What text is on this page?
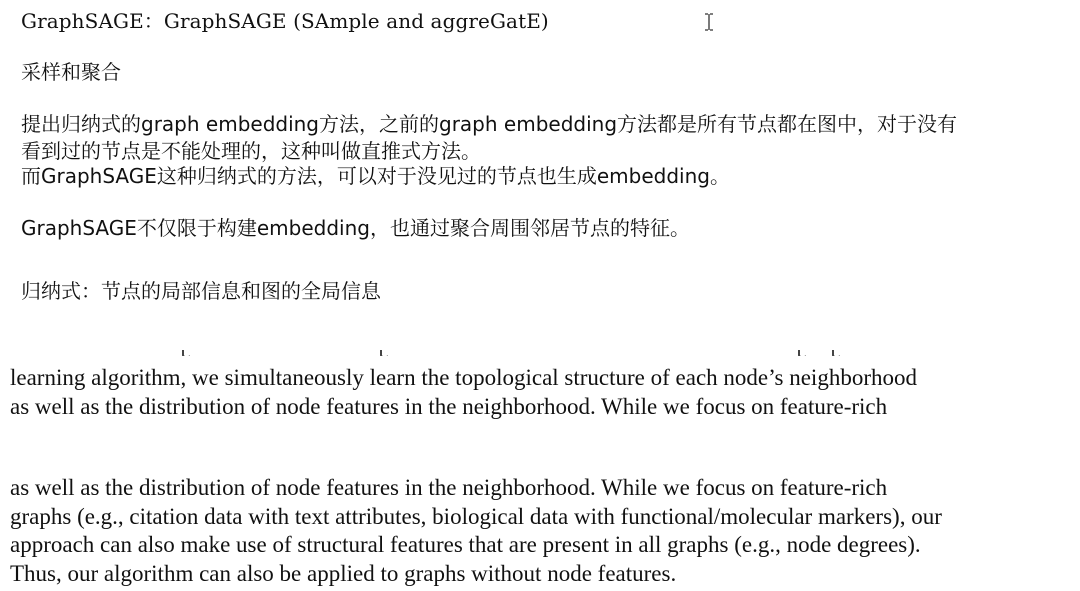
GraphSAGE：GraphSAGE (SAmple and aggreGatE)
采样和聚合
提出归纳式的graph embedding方法，之前的graph embedding方法都是所有节点都在图中，对于没有
看到过的节点是不能处理的，这种叫做直推式方法。
而GraphSAGE这种归纳式的方法，可以对于没见过的节点也生成embedding。
GraphSAGE不仅限于构建embedding，也通过聚合周围邻居节点的特征。
归纳式：节点的局部信息和图的全局信息
learning algorithm, we simultaneously learn the topological structure of each node’s neighborhood
as well as the distribution of node features in the neighborhood. While we focus on feature-rich
as well as the distribution of node features in the neighborhood. While we focus on feature-rich
graphs (e.g., citation data with text attributes, biological data with functional/molecular markers), our
approach can also make use of structural features that are present in all graphs (e.g., node degrees).
Thus, our algorithm can also be applied to graphs without node features.
